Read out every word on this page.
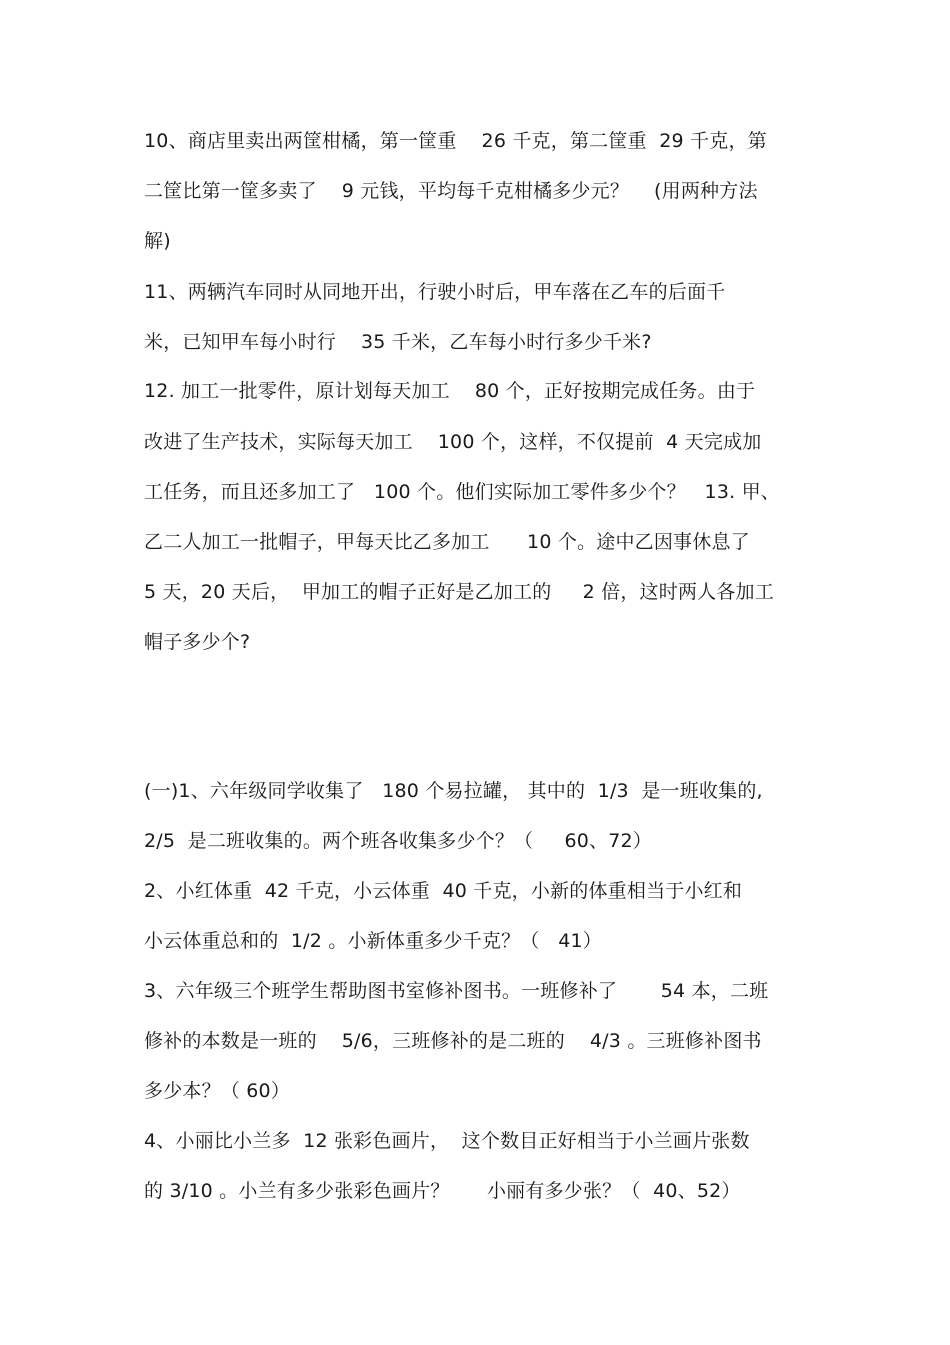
10、商店里卖出两筐柑橘，第一筐重    26 千克，第二筐重  29 千克，第
二筐比第一筐多卖了    9 元钱，平均每千克柑橘多少元？    (用两种方法
解)
11、两辆汽车同时从同地开出，行驶小时后，甲车落在乙车的后面千
米，已知甲车每小时行    35 千米，乙车每小时行多少千米?
12. 加工一批零件，原计划每天加工    80 个，正好按期完成任务。由于
改进了生产技术，实际每天加工    100 个，这样，不仅提前  4 天完成加
工任务，而且还多加工了   100 个。他们实际加工零件多少个？   13. 甲、
乙二人加工一批帽子，甲每天比乙多加工      10 个。途中乙因事休息了
5 天，20 天后，  甲加工的帽子正好是乙加工的     2 倍，这时两人各加工
帽子多少个?
(一)1、六年级同学收集了   180 个易拉罐， 其中的  1/3  是一班收集的,
2/5  是二班收集的。两个班各收集多少个？（     60、72）
2、小红体重  42 千克，小云体重  40 千克，小新的体重相当于小红和
小云体重总和的  1/2 。小新体重多少千克？（   41）
3、六年级三个班学生帮助图书室修补图书。一班修补了       54 本，二班
修补的本数是一班的    5/6，三班修补的是二班的    4/3 。三班修补图书
多少本？（ 60）
4、小丽比小兰多  12 张彩色画片，  这个数目正好相当于小兰画片张数
的 3/10 。小兰有多少张彩色画片？      小丽有多少张？（  40、52）
